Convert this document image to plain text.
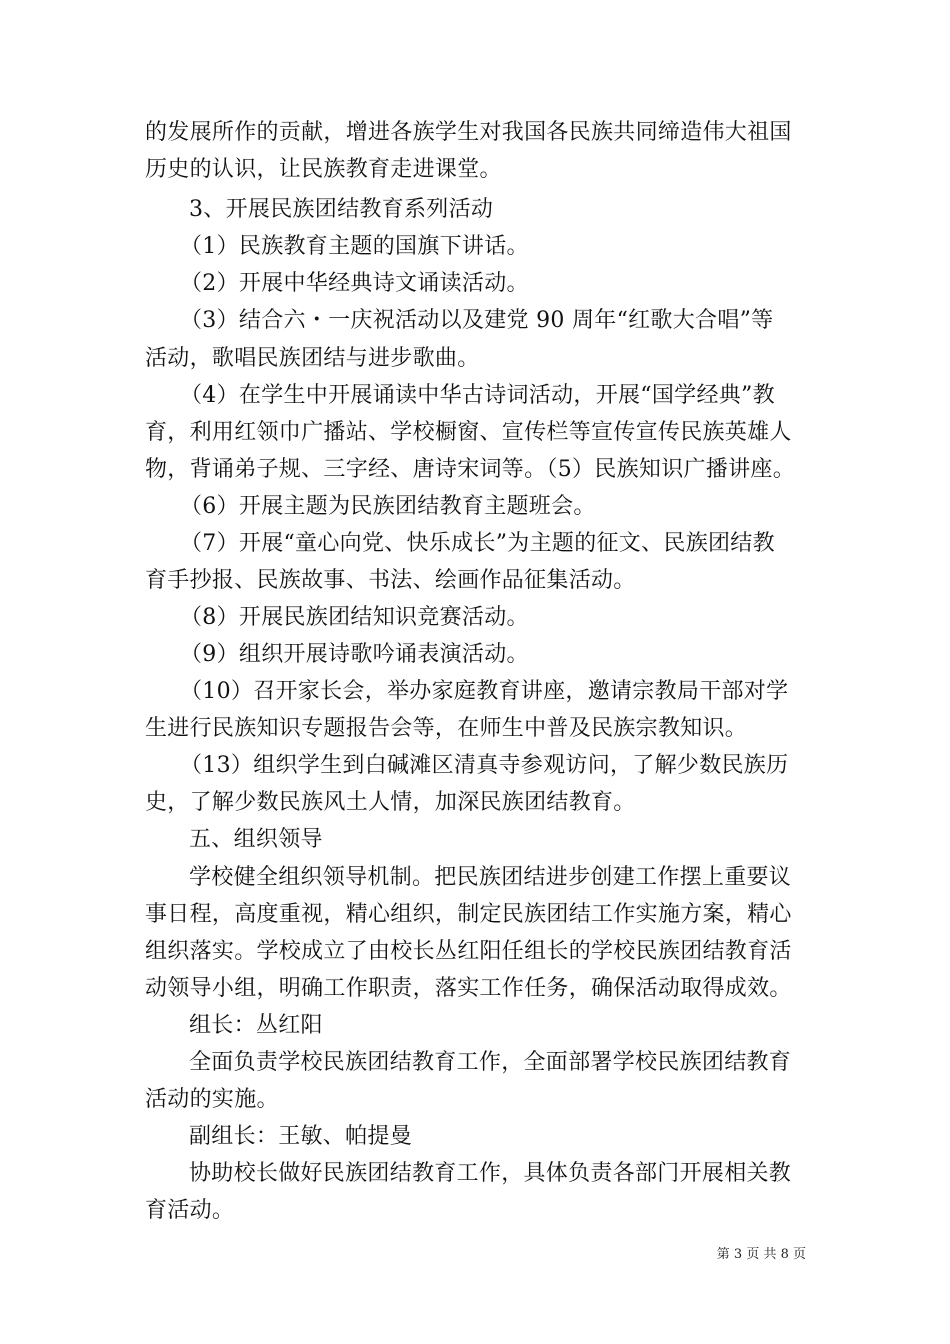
的发展所作的贡献，增进各族学生对我国各民族共同缔造伟大祖国
历史的认识，让民族教育走进课堂。
3、开展民族团结教育系列活动
（1）民族教育主题的国旗下讲话。
（2）开展中华经典诗文诵读活动。
（3）结合六・一庆祝活动以及建党 90 周年“红歌大合唱”等
活动，歌唱民族团结与进步歌曲。
（4）在学生中开展诵读中华古诗词活动，开展“国学经典”教
育，利用红领巾广播站、学校橱窗、宣传栏等宣传宣传民族英雄人
物，背诵弟子规、三字经、唐诗宋词等。（5）民族知识广播讲座。
（6）开展主题为民族团结教育主题班会。
（7）开展“童心向党、快乐成长”为主题的征文、民族团结教
育手抄报、民族故事、书法、绘画作品征集活动。
（8）开展民族团结知识竞赛活动。
（9）组织开展诗歌吟诵表演活动。
（10）召开家长会，举办家庭教育讲座，邀请宗教局干部对学
生进行民族知识专题报告会等，在师生中普及民族宗教知识。
（13）组织学生到白碱滩区清真寺参观访问，了解少数民族历
史，了解少数民族风土人情，加深民族团结教育。
五、组织领导
学校健全组织领导机制。把民族团结进步创建工作摆上重要议
事日程，高度重视，精心组织，制定民族团结工作实施方案，精心
组织落实。学校成立了由校长丛红阳任组长的学校民族团结教育活
动领导小组，明确工作职责，落实工作任务，确保活动取得成效。
组长：丛红阳
全面负责学校民族团结教育工作，全面部署学校民族团结教育
活动的实施。
副组长：王敏、帕提曼
协助校长做好民族团结教育工作，具体负责各部门开展相关教
育活动。
第 3 页 共 8 页
